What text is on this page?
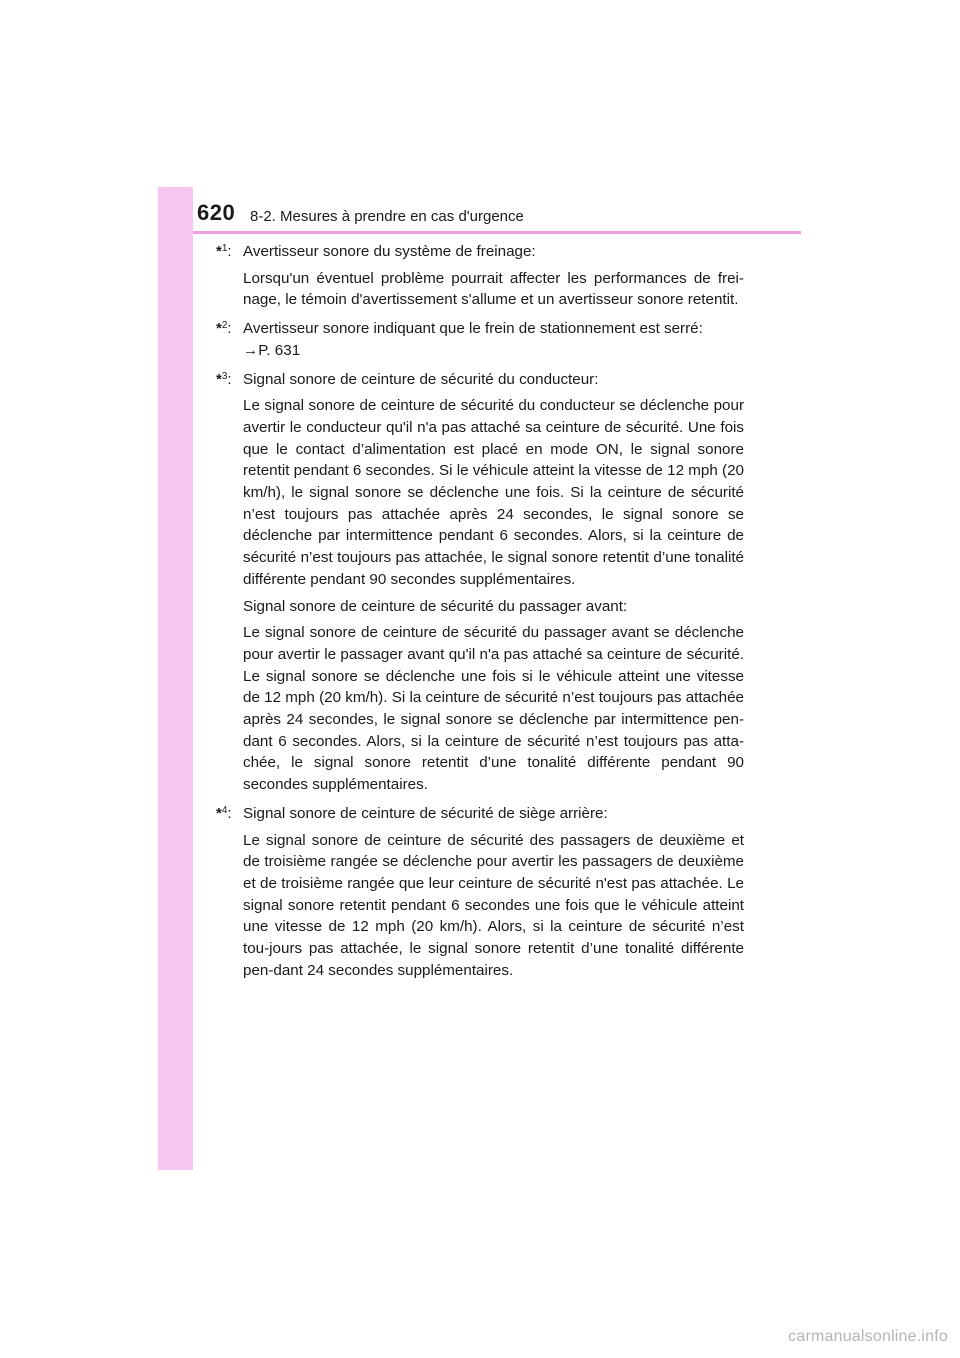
620 8-2. Mesures à prendre en cas d'urgence
*$^1$: Avertisseur sonore du système de freinage:
Lorsqu'un éventuel problème pourrait affecter les performances de frei-nage, le témoin d'avertissement s'allume et un avertisseur sonore retentit.
*$^2$: Avertisseur sonore indiquant que le frein de stationnement est serré:
→P. 631
*$^3$: Signal sonore de ceinture de sécurité du conducteur:
Le signal sonore de ceinture de sécurité du conducteur se déclenche pour avertir le conducteur qu'il n'a pas attaché sa ceinture de sécurité. Une fois que le contact d’alimentation est placé en mode ON, le signal sonore retentit pendant 6 secondes. Si le véhicule atteint la vitesse de 12 mph (20 km/h), le signal sonore se déclenche une fois. Si la ceinture de sécurité n’est toujours pas attachée après 24 secondes, le signal sonore se déclenche par intermittence pendant 6 secondes. Alors, si la ceinture de sécurité n’est toujours pas attachée, le signal sonore retentit d’une tonalité différente pendant 90 secondes supplémentaires.
Signal sonore de ceinture de sécurité du passager avant:
Le signal sonore de ceinture de sécurité du passager avant se déclenche pour avertir le passager avant qu'il n'a pas attaché sa ceinture de sécurité. Le signal sonore se déclenche une fois si le véhicule atteint une vitesse de 12 mph (20 km/h). Si la ceinture de sécurité n’est toujours pas attachée après 24 secondes, le signal sonore se déclenche par intermittence pen-dant 6 secondes. Alors, si la ceinture de sécurité n’est toujours pas atta-chée, le signal sonore retentit d’une tonalité différente pendant 90 secondes supplémentaires.
*$^4$: Signal sonore de ceinture de sécurité de siège arrière:
Le signal sonore de ceinture de sécurité des passagers de deuxième et de troisième rangée se déclenche pour avertir les passagers de deuxième et de troisième rangée que leur ceinture de sécurité n'est pas attachée. Le signal sonore retentit pendant 6 secondes une fois que le véhicule atteint une vitesse de 12 mph (20 km/h). Alors, si la ceinture de sécurité n’est tou-jours pas attachée, le signal sonore retentit d’une tonalité différente pen-dant 24 secondes supplémentaires.
carmanualsonline.info
